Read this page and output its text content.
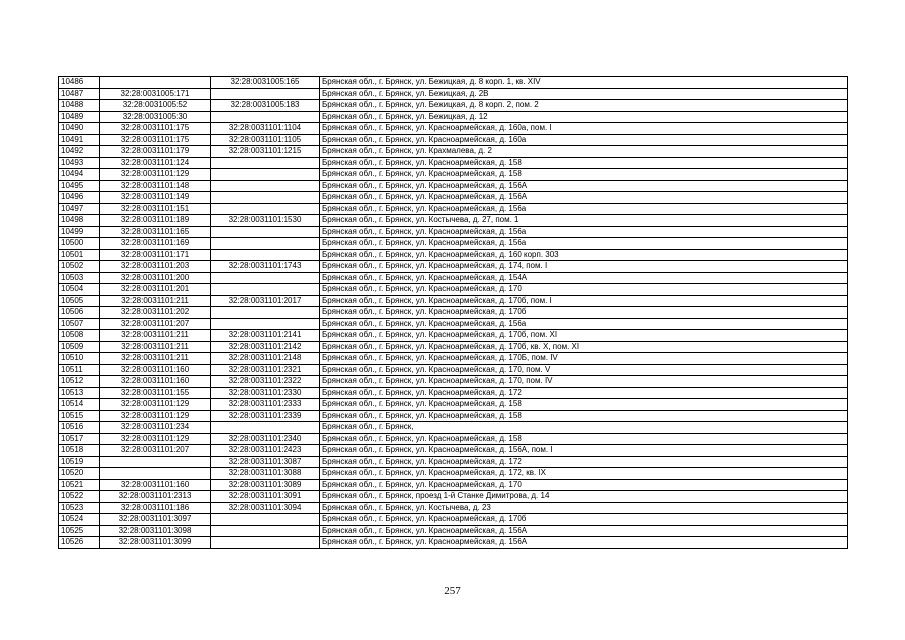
10486		32:28:0031005:165	Брянская обл., г. Брянск, ул. Бежицкая, д. 8 корп. 1, кв. XIV
10487	32:28:0031005:171		Брянская обл., г. Брянск, ул. Бежицкая, д. 2В
10488	32:28:0031005:52	32:28:0031005:183	Брянская обл., г. Брянск, ул. Бежицкая, д. 8 корп. 2, пом. 2
10489	32:28:0031005:30		Брянская обл., г. Брянск, ул. Бежицкая, д. 12
10490	32:28:0031101:175	32:28:0031101:1104	Брянская обл., г. Брянск, ул. Красноармейская, д. 160а, пом. I
10491	32:28:0031101:175	32:28:0031101:1105	Брянская обл., г. Брянск, ул. Красноармейская, д. 160а
10492	32:28:0031101:179	32:28:0031101:1215	Брянская обл., г. Брянск, ул. Крахмалева, д. 2
10493	32:28:0031101:124		Брянская обл., г. Брянск, ул. Красноармейская, д. 158
10494	32:28:0031101:129		Брянская обл., г. Брянск, ул. Красноармейская, д. 158
10495	32:28:0031101:148		Брянская обл., г. Брянск, ул. Красноармейская, д. 156А
10496	32:28:0031101:149		Брянская обл., г. Брянск, ул. Красноармейская, д. 156А
10497	32:28:0031101:151		Брянская обл., г. Брянск, ул. Красноармейская, д. 156а
10498	32:28:0031101:189	32:28:0031101:1530	Брянская обл., г. Брянск, ул. Костычева, д. 27, пом. 1
10499	32:28:0031101:165		Брянская обл., г. Брянск, ул. Красноармейская, д. 156а
10500	32:28:0031101:169		Брянская обл., г. Брянск, ул. Красноармейская, д. 156а
10501	32:28:0031101:171		Брянская обл., г. Брянск, ул. Красноармейская, д. 160 корп. 303
10502	32:28:0031101:203	32:28:0031101:1743	Брянская обл., г. Брянск, ул. Красноармейская, д. 174, пом. I
10503	32:28:0031101:200		Брянская обл., г. Брянск, ул. Красноармейская, д. 154А
10504	32:28:0031101:201		Брянская обл., г. Брянск, ул. Красноармейская, д. 170
10505	32:28:0031101:211	32:28:0031101:2017	Брянская обл., г. Брянск, ул. Красноармейская, д. 170б, пом. I
10506	32:28:0031101:202		Брянская обл., г. Брянск, ул. Красноармейская, д. 170б
10507	32:28:0031101:207		Брянская обл., г. Брянск, ул. Красноармейская, д. 156а
10508	32:28:0031101:211	32:28:0031101:2141	Брянская обл., г. Брянск, ул. Красноармейская, д. 170б, пом. XI
10509	32:28:0031101:211	32:28:0031101:2142	Брянская обл., г. Брянск, ул. Красноармейская, д. 170б, кв. X, пом. XI
10510	32:28:0031101:211	32:28:0031101:2148	Брянская обл., г. Брянск, ул. Красноармейская, д. 170Б, пом. IV
10511	32:28:0031101:160	32:28:0031101:2321	Брянская обл., г. Брянск, ул. Красноармейская, д. 170, пом. V
10512	32:28:0031101:160	32:28:0031101:2322	Брянская обл., г. Брянск, ул. Красноармейская, д. 170, пом. IV
10513	32:28:0031101:155	32:28:0031101:2330	Брянская обл., г. Брянск, ул. Красноармейская, д. 172
10514	32:28:0031101:129	32:28:0031101:2333	Брянская обл., г. Брянск, ул. Красноармейская, д. 158
10515	32:28:0031101:129	32:28:0031101:2339	Брянская обл., г. Брянск, ул. Красноармейская, д. 158
10516	32:28:0031101:234		Брянская обл., г. Брянск,
10517	32:28:0031101:129	32:28:0031101:2340	Брянская обл., г. Брянск, ул. Красноармейская, д. 158
10518	32:28:0031101:207	32:28:0031101:2423	Брянская обл., г. Брянск, ул. Красноармейская, д. 156А, пом. I
10519		32:28:0031101:3087	Брянская обл., г. Брянск, ул. Красноармейская, д. 172
10520		32:28:0031101:3088	Брянская обл., г. Брянск, ул. Красноармейская, д. 172, кв. IX
10521	32:28:0031101:160	32:28:0031101:3089	Брянская обл., г. Брянск, ул. Красноармейская, д. 170
10522	32:28:0031101:2313	32:28:0031101:3091	Брянская обл., г. Брянск, проезд 1-й Станке Димитрова, д. 14
10523	32:28:0031101:186	32:28:0031101:3094	Брянская обл., г. Брянск, ул. Костычева, д. 23
10524	32:28:0031101:3097		Брянская обл., г. Брянск, ул. Красноармейская, д. 170б
10525	32:28:0031101:3098		Брянская обл., г. Брянск, ул. Красноармейская, д. 156А
10526	32:28:0031101:3099		Брянская обл., г. Брянск, ул. Красноармейская, д. 156А
257
